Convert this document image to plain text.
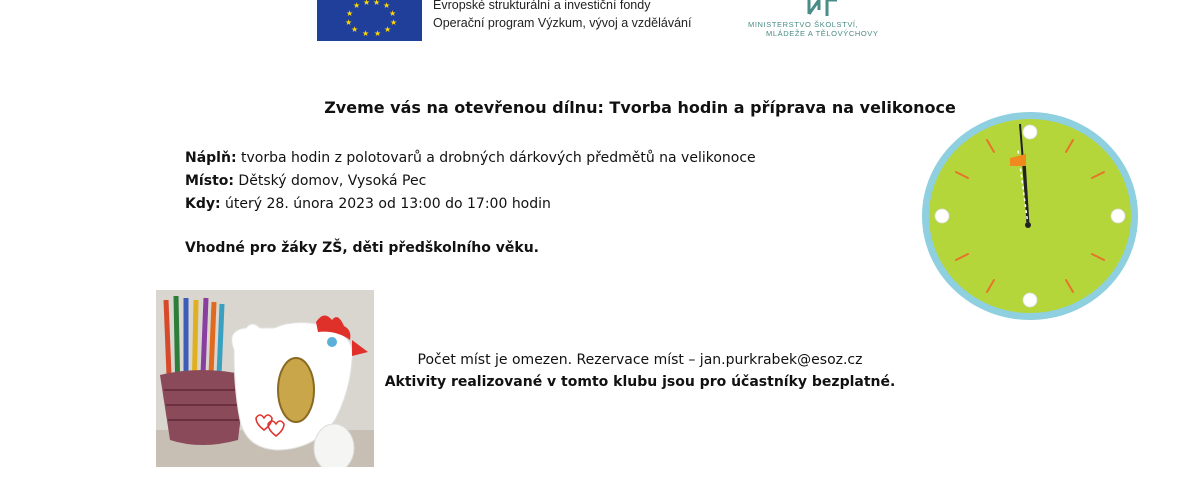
★ ★ ★ ★
★	★
★	★
★	★
★ ★
Evropské strukturální a investiční fondy
Operační program Výzkum, vývoj a vzdělávání	MINISTERSTVO ŠKOLSTVÍ,
MLÁDEŽE A TĚLOVÝCHOVY
Zveme vás na otevřenou dílnu: Tvorba hodin a příprava na velikonoce
Náplň: tvorba hodin z polotovarů a drobných dárkových předmětů na velikonoce
Místo: Dětský domov, Vysoká Pec
Kdy: úterý 28. února 2023 od 13:00 do 17:00 hodin
Vhodné pro žáky ZŠ, děti předškolního věku.
Počet míst je omezen. Rezervace míst – jan.purkrabek@esoz.cz
Aktivity realizované v tomto klubu jsou pro účastníky bezplatné.
